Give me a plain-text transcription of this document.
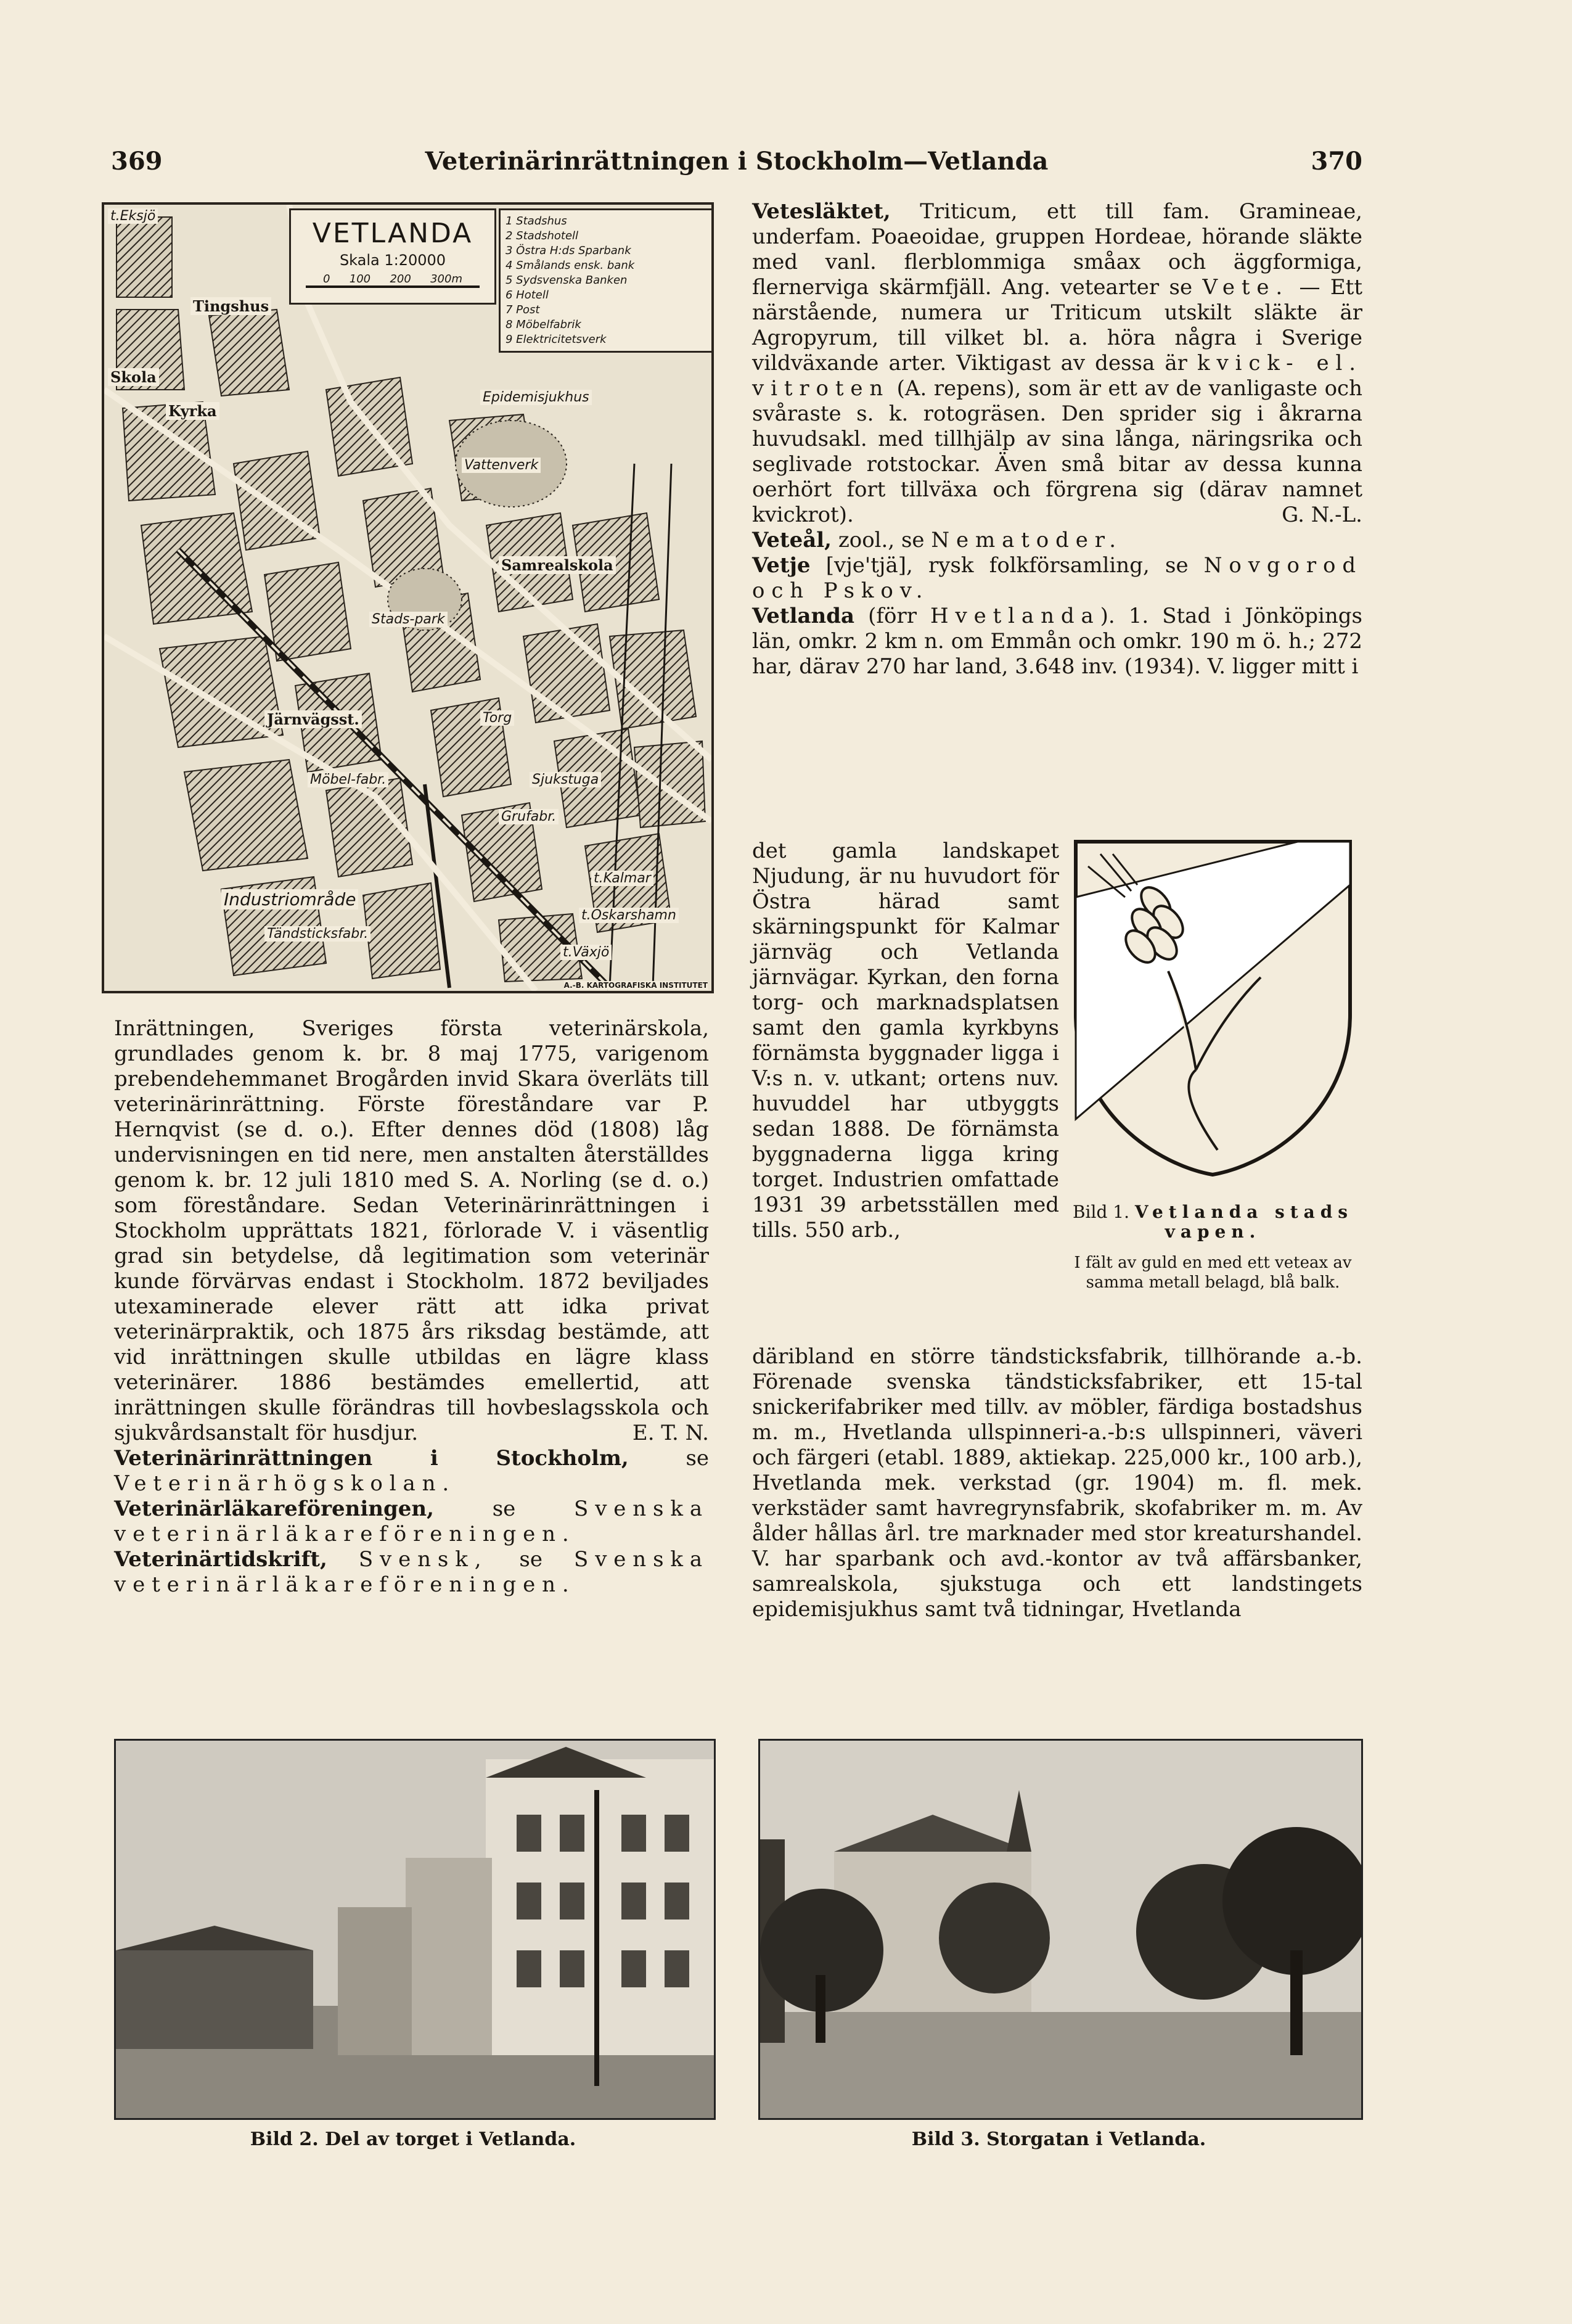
369	Veterinärinrättningen i Stockholm—Vetlanda	370
VETLANDA
Skala 1:20000
0 100 200 300m
1 Stadshus
2 Stadshotell
3 Östra H:ds Sparbank
4 Smålands ensk. bank
5 Sydsvenska Banken
6 Hotell
7 Post
8 Möbelfabrik
9 Elektricitetsverk
t.Eksjö
Tingshus
Skola
Kyrka
Epidemisjukhus
Vattenverk
Samrealskola
Stads-park
Järnvägsst.	Torg
Sjukstuga
Grufabr.
Möbel-fabr.
Industriområde
Tändsticksfabr.
t.Växjö
t.Kalmar
t.Oskarshamn
A.-B. KARTOGRAFISKA INSTITUTET

Inrättningen, Sveriges första veterinärskola, grundlades genom k. br. 8 maj 1775, varigenom prebendehemmanet Brogården invid Skara överläts till veterinärinrättning. Förste föreståndare var P. Hernqvist (se d. o.). Efter dennes död (1808) låg undervisningen en tid nere, men anstalten återställdes genom k. br. 12 juli 1810 med S. A. Norling (se d. o.) som föreståndare. Sedan Veterinärinrättningen i Stockholm upprättats 1821, förlorade V. i väsentlig grad sin betydelse, då legitimation som veterinär kunde förvärvas endast i Stockholm. 1872 beviljades utexaminerade elever rätt att idka privat veterinärpraktik, och 1875 års riksdag bestämde, att vid inrättningen skulle utbildas en lägre klass veterinärer. 1886 bestämdes emellertid, att inrättningen skulle förändras till hovbeslagsskola och sjukvårdsanstalt för husdjur.	E. T. N.

Veterinärinrättningen i Stockholm,	se Veterinärhögskolan.

Veterinärläkareföreningen,	se	Svenska veterinärläkareföreningen.

Veterinärtidskrift, Svensk, se Svenska veterinärläkareföreningen.

Vetesläktet, Triticum, ett till fam. Gramineae, underfam. Poaeoidae, gruppen Hordeae, hörande släkte med vanl. flerblommiga småax och äggformiga, flernerviga skärmfjäll. Ang. vetearter se Vete. — Ett närstående, numera ur Triticum utskilt släkte är Agropyrum, till vilket bl. a. höra några i Sverige vildväxande arter. Viktigast av dessa är kvick- el. vitroten (A. repens), som är ett av de vanligaste och svåraste s. k. rotogräsen. Den sprider sig i åkrarna huvudsakl. med tillhjälp av sina långa, näringsrika och seglivade rotstockar. Även små bitar av dessa kunna oerhört fort tillväxa och förgrena sig (därav namnet kvickrot).	G. N.-L.

Veteål, zool., se Nematoder.

Vetje [vje'tjä], rysk folkförsamling, se Novgorod och Pskov.

Vetlanda (förr Hvetlanda). 1. Stad i Jönköpings län, omkr. 2 km n. om Emmån och omkr. 190 m ö. h.; 272 har, därav 270 har land, 3.648 inv. (1934). V. ligger mitt i

det gamla landskapet Njudung, är nu huvudort för Östra härad samt skärningspunkt för Kalmar järnväg och Vetlanda järnvägar. Kyrkan, den forna torg- och marknadsplatsen samt den gamla kyrkbyns förnämsta byggnader ligga i V:s n. v. utkant; ortens nuv. huvuddel har utbyggts sedan 1888. De förnämsta byggnaderna ligga kring torget. Industrien omfattade 1931 39 arbetsställen med tills. 550 arb.,

Bild 1. Vetlanda stads vapen.
I fält av guld en med ett veteax av samma metall belagd, blå balk.

däribland en större tändsticksfabrik, tillhörande a.-b. Förenade svenska tändsticksfabriker, ett 15-tal snickerifabriker med tillv. av möbler, färdiga bostadshus m. m., Hvetlanda ullspinneri-a.-b:s ullspinneri, väveri och färgeri (etabl. 1889, aktiekap. 225,000 kr., 100 arb.), Hvetlanda mek. verkstad (gr. 1904) m. fl. mek. verkstäder samt havregrynsfabrik, skofabriker m. m. Av ålder hållas årl. tre marknader med stor kreaturshandel. V. har sparbank och avd.-kontor av två affärsbanker, samrealskola, sjukstuga och ett landstingets epidemisjukhus samt två tidningar, Hvetlanda

Bild 2. Del av torget i Vetlanda.	Bild 3. Storgatan i Vetlanda.
